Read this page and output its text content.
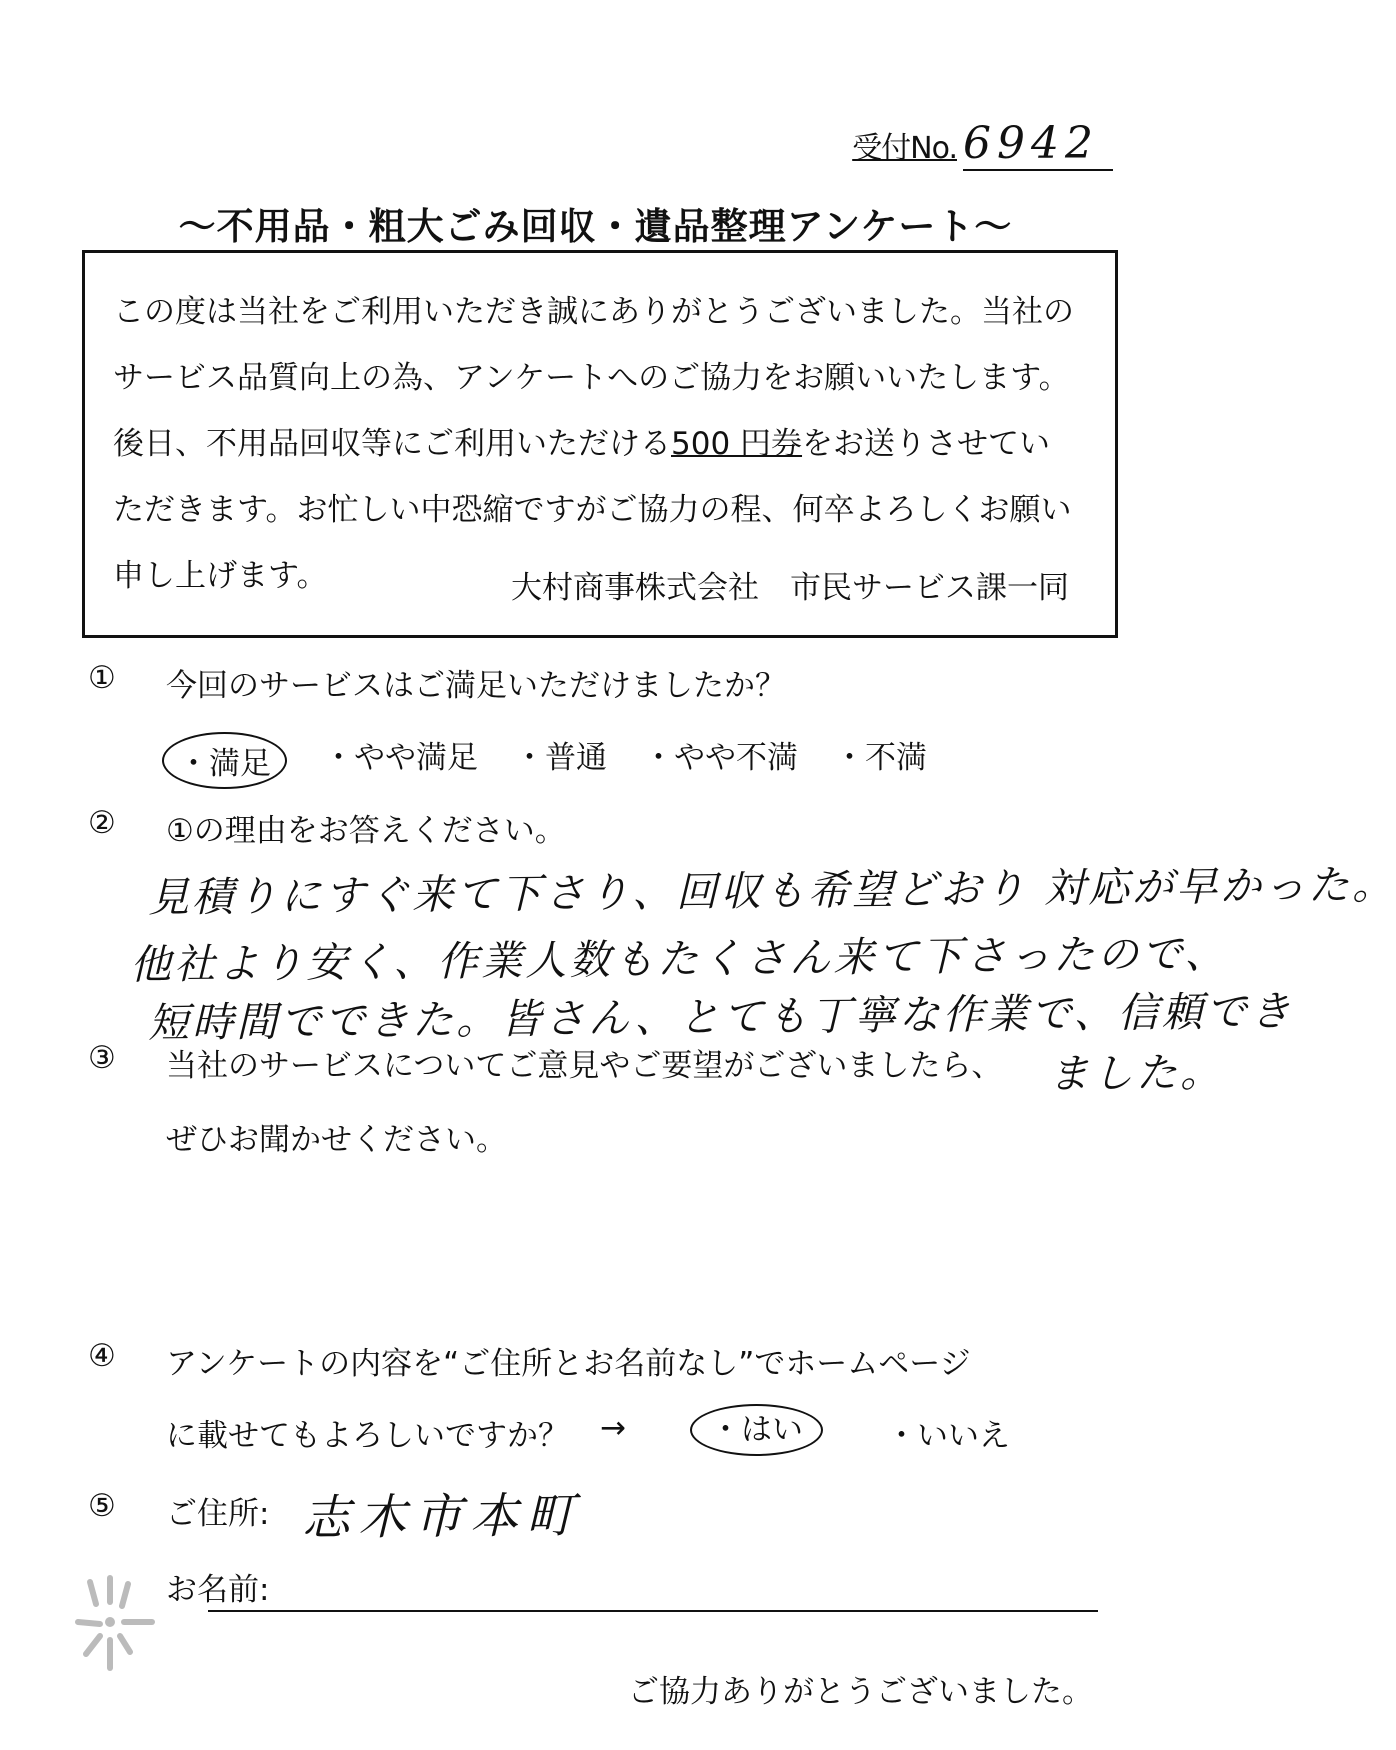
受付No. 6942
～不用品・粗大ごみ回収・遺品整理アンケート～
この度は当社をご利用いただき誠にありがとうございました。当社の
サービス品質向上の為、アンケートへのご協力をお願いいたします。
後日、不用品回収等にご利用いただける500 円券をお送りさせてい
ただきます。お忙しい中恐縮ですがご協力の程、何卒よろしくお願い
申し上げます。	大村商事株式会社　市民サービス課一同
① 今回のサービスはご満足いただけましたか？
・満足	・やや満足 ・普通 ・やや不満 ・不満
② ①の理由をお答えください。
見積りにすぐ来て下さり、回収も希望どおり 対応が早かった。
他社より安く、作業人数もたくさん来て下さったので、
短時間でできた。皆さん、とても丁寧な作業で、信頼でき
ました。
③ 当社のサービスについてご意見やご要望がございましたら、
ぜひお聞かせください。
④ アンケートの内容を“ご住所とお名前なし”でホームページ
に載せてもよろしいですか？ →	・はい	・いいえ
⑤ ご住所: 志木市本町
お名前:
ご協力ありがとうございました。
